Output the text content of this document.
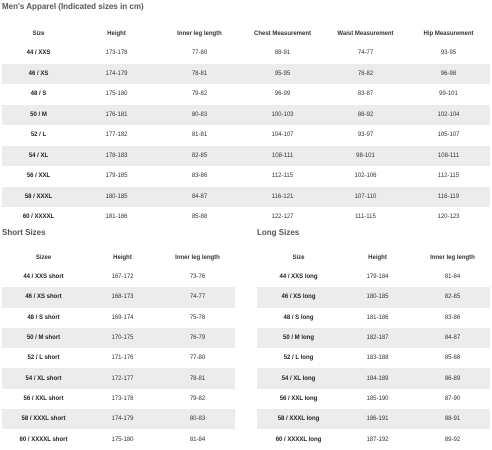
Men's Apparel (Indicated sizes in cm)
Size	Height	Inner leg length	Chest Measurement	Waist Measurement	Hip Measurement
44 / XXS	173-178	77-80	88-91	74-77	93-95
46 / XS	174-179	78-81	95-95	78-82	96-98
48 / S	175-180	79-82	96-99	83-87	99-101
50 / M	176-181	80-83	100-103	88-92	102-104
52 / L	177-182	81-81	104-107	93-97	105-107
54 / XL	178-183	82-85	108-111	98-101	108-111
56 / XXL	179-185	83-86	112-115	102-106	112-115
58 / XXXL	180-185	84-87	116-121	107-110	116-119
60 / XXXXL	181-186	85-88	122-127	111-115	120-123
Short Sizes
Sizee	Height	Inner leg length
44 / XXS short	167-172	73-76
46 / XS short	168-173	74-77
48 / S short	169-174	75-78
50 / M short	170-175	76-79
52 / L short	171-176	77-80
54 / XL short	172-177	78-81
56 / XXL short	173-178	79-82
58 / XXXL short	174-179	80-83
60 / XXXXL short	175-180	81-84
Long Sizes
Size	Height	Inner leg length
44 / XXS long	179-184	81-84
46 / XS long	180-185	82-85
48 / S long	181-186	83-86
50 / M long	182-187	84-87
52 / L long	183-188	85-88
54 / XL long	184-189	86-89
56 / XXL long	185-190	87-90
58 / XXXL long	186-191	88-91
60 / XXXXL long	187-192	89-92
